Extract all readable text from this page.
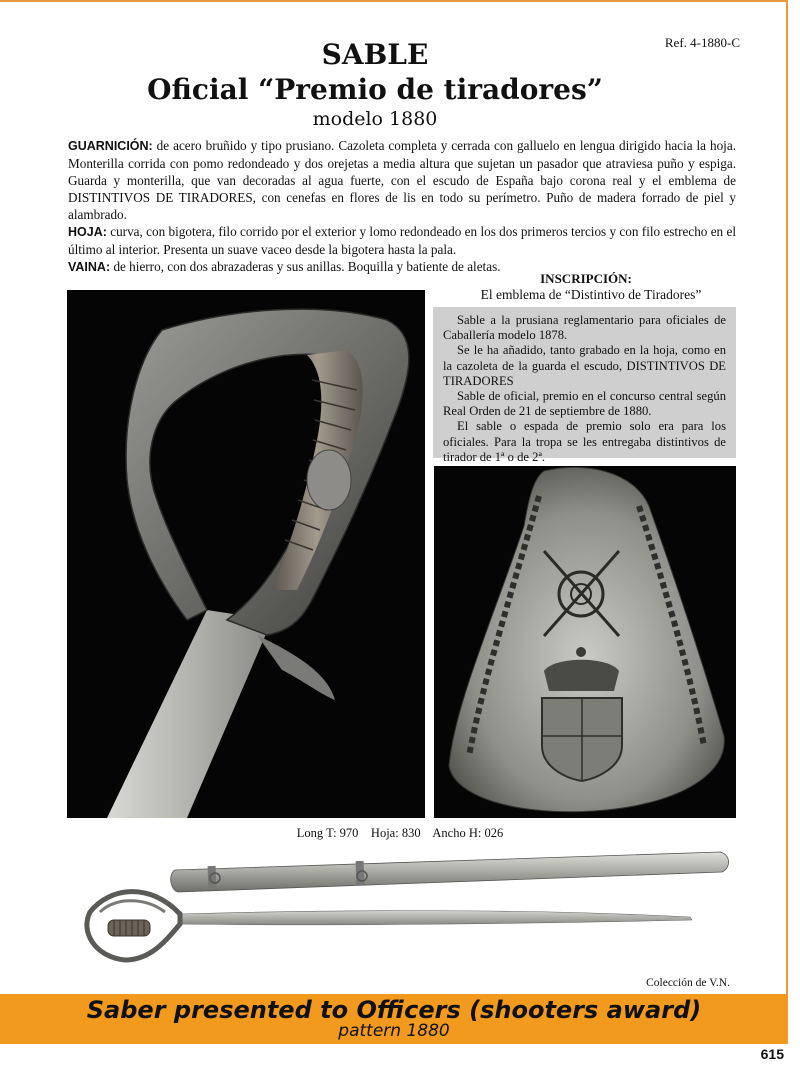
Ref. 4-1880-C
SABLE
Oficial “Premio de tiradores”
modelo 1880
GUARNICIÓN: de acero bruñido y tipo prusiano. Cazoleta completa y cerrada con galluelo en lengua dirigido hacia la hoja. Monterilla corrida con pomo redondeado y dos orejetas a media altura que sujetan un pasador que atraviesa puño y espiga. Guarda y monterilla, que van decoradas al agua fuerte, con el escudo de España bajo corona real y el emblema de DISTINTIVOS DE TIRADORES, con cenefas en flores de lis en todo su perímetro. Puño de madera forrado de piel y alambrado.
HOJA: curva, con bigotera, filo corrido por el exterior y lomo redondeado en los dos primeros tercios y con filo estrecho en el último al interior. Presenta un suave vaceo desde la bigotera hasta la pala.
VAINA: de hierro, con dos abrazaderas y sus anillas. Boquilla y batiente de aletas.
INSCRIPCIÓN:
El emblema de “Distintivo de Tiradores”

Sable a la prusiana reglamentario para oficiales de Caballería modelo 1878.

Se le ha añadido, tanto grabado en la hoja, como en la cazoleta de la guarda el escudo, DISTINTIVOS DE TIRADORES

Sable de oficial, premio en el concurso central según Real Orden de 21 de septiembre de 1880.

El sable o espada de premio solo era para los oficiales. Para la tropa se les entregaba distintivos de tirador de 1ª o de 2ª.

Long T: 970    Hoja: 830    Ancho H: 026
Colección de V.N.
Saber presented to Officers (shooters award)
pattern 1880
615
